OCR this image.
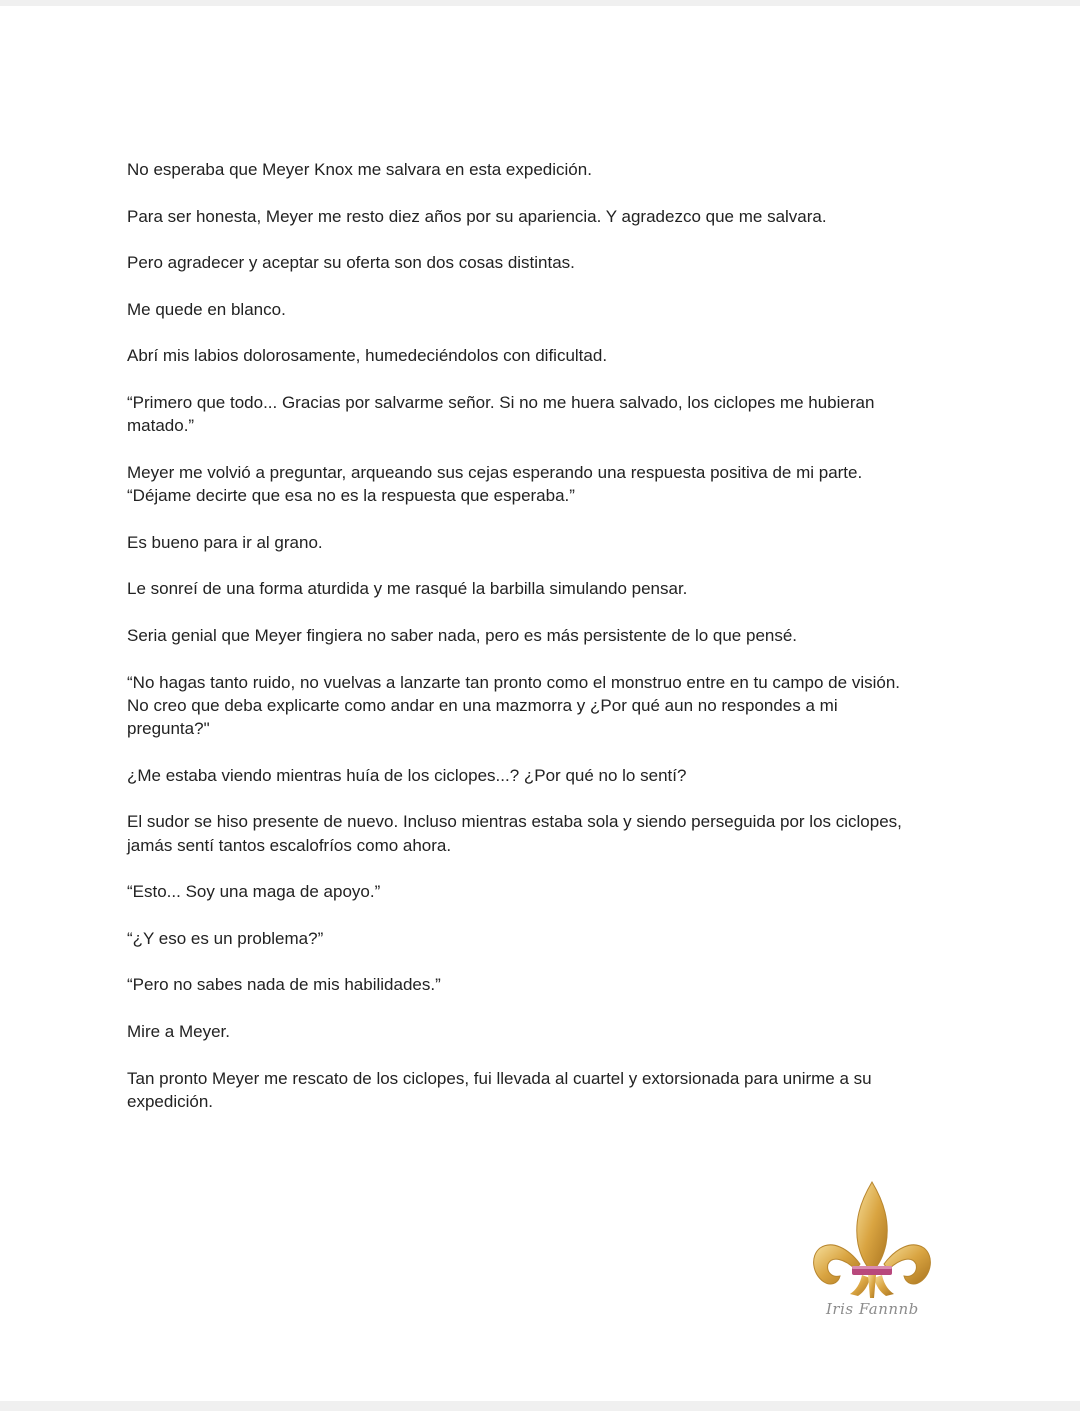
No esperaba que Meyer Knox me salvara en esta expedición.

Para ser honesta, Meyer me resto diez años por su apariencia. Y agradezco que me salvara.

Pero agradecer y aceptar su oferta son dos cosas distintas.

Me quede en blanco.

Abrí mis labios dolorosamente, humedeciéndolos con dificultad.

“Primero que todo... Gracias por salvarme señor. Si no me huera salvado, los ciclopes me hubieran
matado.”

Meyer me volvió a preguntar, arqueando sus cejas esperando una respuesta positiva de mi parte.
“Déjame decirte que esa no es la respuesta que esperaba.”

Es bueno para ir al grano.

Le sonreí de una forma aturdida y me rasqué la barbilla simulando pensar.

Seria genial que Meyer fingiera no saber nada, pero es más persistente de lo que pensé.

“No hagas tanto ruido, no vuelvas a lanzarte tan pronto como el monstruo entre en tu campo de visión.
No creo que deba explicarte como andar en una mazmorra y ¿Por qué aun no respondes a mi
pregunta?"

¿Me estaba viendo mientras huía de los ciclopes...? ¿Por qué no lo sentí?

El sudor se hiso presente de nuevo. Incluso mientras estaba sola y siendo perseguida por los ciclopes,
jamás sentí tantos escalofríos como ahora.

“Esto... Soy una maga de apoyo.”

“¿Y eso es un problema?”

“Pero no sabes nada de mis habilidades.”

Mire a Meyer.

Tan pronto Meyer me rescato de los ciclopes, fui llevada al cuartel y extorsionada para unirme a su
expedición.

Iris Fannnb
